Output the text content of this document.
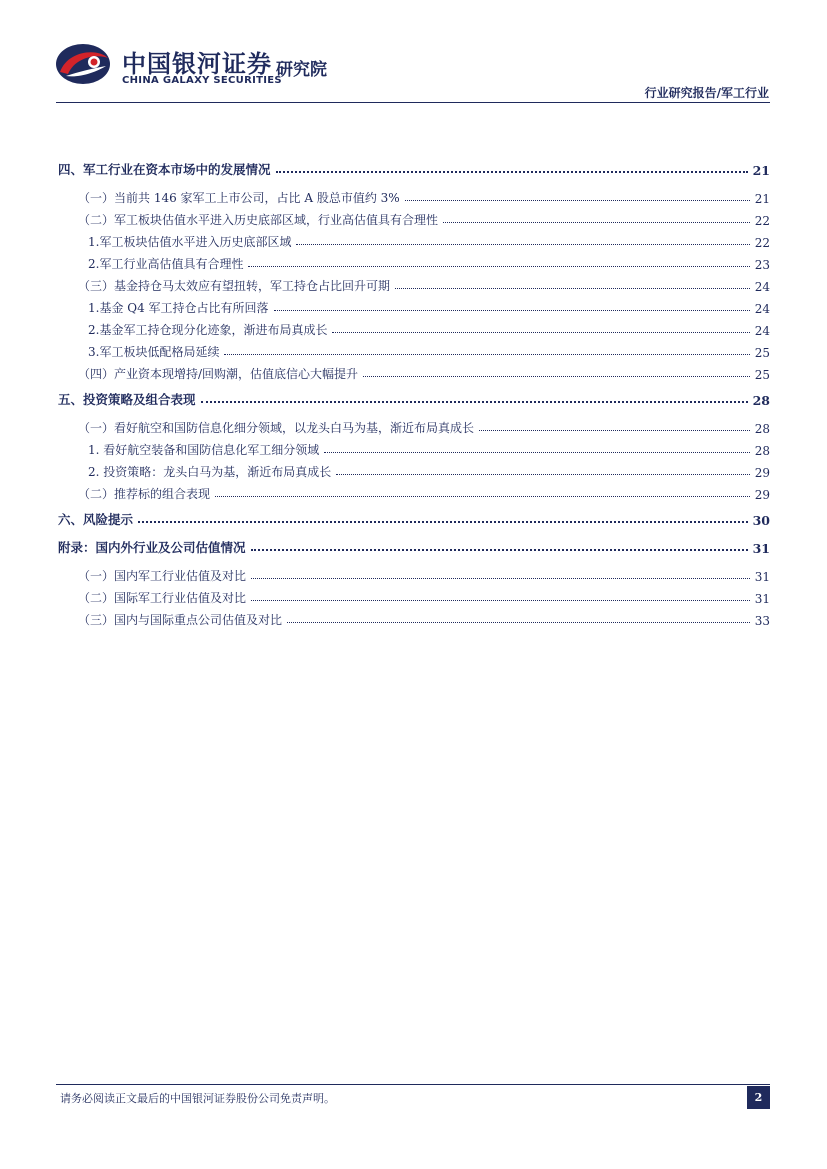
中国银河证券
CHINA GALAXY SECURITIES
研究院
行业研究报告/军工行业
四、军工行业在资本市场中的发展情况	21
（一）当前共 146 家军工上市公司，占比 A 股总市值约 3%	21
（二）军工板块估值水平进入历史底部区域，行业高估值具有合理性	22
1.军工板块估值水平进入历史底部区域	22
2.军工行业高估值具有合理性	23
（三）基金持仓马太效应有望扭转，军工持仓占比回升可期	24
1.基金 Q4 军工持仓占比有所回落	24
2.基金军工持仓现分化迹象，渐进布局真成长	24
3.军工板块低配格局延续	25
（四）产业资本现增持/回购潮，估值底信心大幅提升	25
五、投资策略及组合表现	28
（一）看好航空和国防信息化细分领域，以龙头白马为基，渐近布局真成长	28
1. 看好航空装备和国防信息化军工细分领域	28
2. 投资策略：龙头白马为基，渐近布局真成长	29
（二）推荐标的组合表现	29
六、风险提示	30
附录：国内外行业及公司估值情况	31
（一）国内军工行业估值及对比	31
（二）国际军工行业估值及对比	31
（三）国内与国际重点公司估值及对比	33
请务必阅读正文最后的中国银河证券股份公司免责声明。	2
